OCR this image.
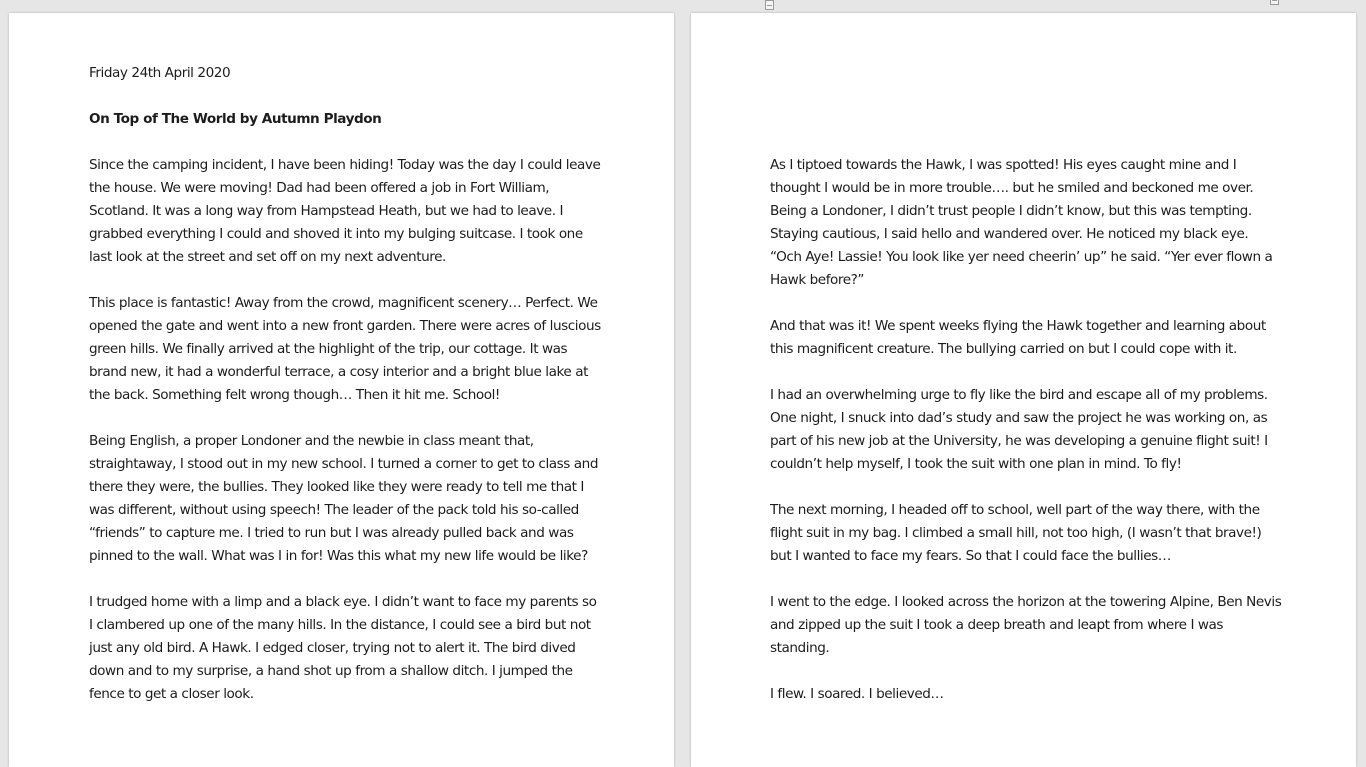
Friday 24th April 2020

On Top of The World by Autumn Playdon

Since the camping incident, I have been hiding! Today was the day I could leave the house. We were moving! Dad had been offered a job in Fort William, Scotland. It was a long way from Hampstead Heath, but we had to leave. I grabbed everything I could and shoved it into my bulging suitcase. I took one last look at the street and set off on my next adventure.

This place is fantastic! Away from the crowd, magnificent scenery… Perfect. We opened the gate and went into a new front garden. There were acres of luscious green hills. We finally arrived at the highlight of the trip, our cottage. It was brand new, it had a wonderful terrace, a cosy interior and a bright blue lake at the back. Something felt wrong though… Then it hit me. School!

Being English, a proper Londoner and the newbie in class meant that, straightaway, I stood out in my new school. I turned a corner to get to class and there they were, the bullies. They looked like they were ready to tell me that I was different, without using speech! The leader of the pack told his so-called “friends” to capture me. I tried to run but I was already pulled back and was pinned to the wall. What was I in for! Was this what my new life would be like?

I trudged home with a limp and a black eye. I didn’t want to face my parents so I clambered up one of the many hills. In the distance, I could see a bird but not just any old bird. A Hawk. I edged closer, trying not to alert it. The bird dived down and to my surprise, a hand shot up from a shallow ditch. I jumped the fence to get a closer look.

As I tiptoed towards the Hawk, I was spotted! His eyes caught mine and I thought I would be in more trouble…. but he smiled and beckoned me over. Being a Londoner, I didn’t trust people I didn’t know, but this was tempting. Staying cautious, I said hello and wandered over. He noticed my black eye. “Och Aye! Lassie! You look like yer need cheerin’ up” he said. “Yer ever flown a Hawk before?”

And that was it! We spent weeks flying the Hawk together and learning about this magnificent creature. The bullying carried on but I could cope with it.

I had an overwhelming urge to fly like the bird and escape all of my problems. One night, I snuck into dad’s study and saw the project he was working on, as part of his new job at the University, he was developing a genuine flight suit! I couldn’t help myself, I took the suit with one plan in mind. To fly!

The next morning, I headed off to school, well part of the way there, with the flight suit in my bag. I climbed a small hill, not too high, (I wasn’t that brave!) but I wanted to face my fears. So that I could face the bullies…

I went to the edge. I looked across the horizon at the towering Alpine, Ben Nevis and zipped up the suit I took a deep breath and leapt from where I was standing.

I flew. I soared. I believed…
